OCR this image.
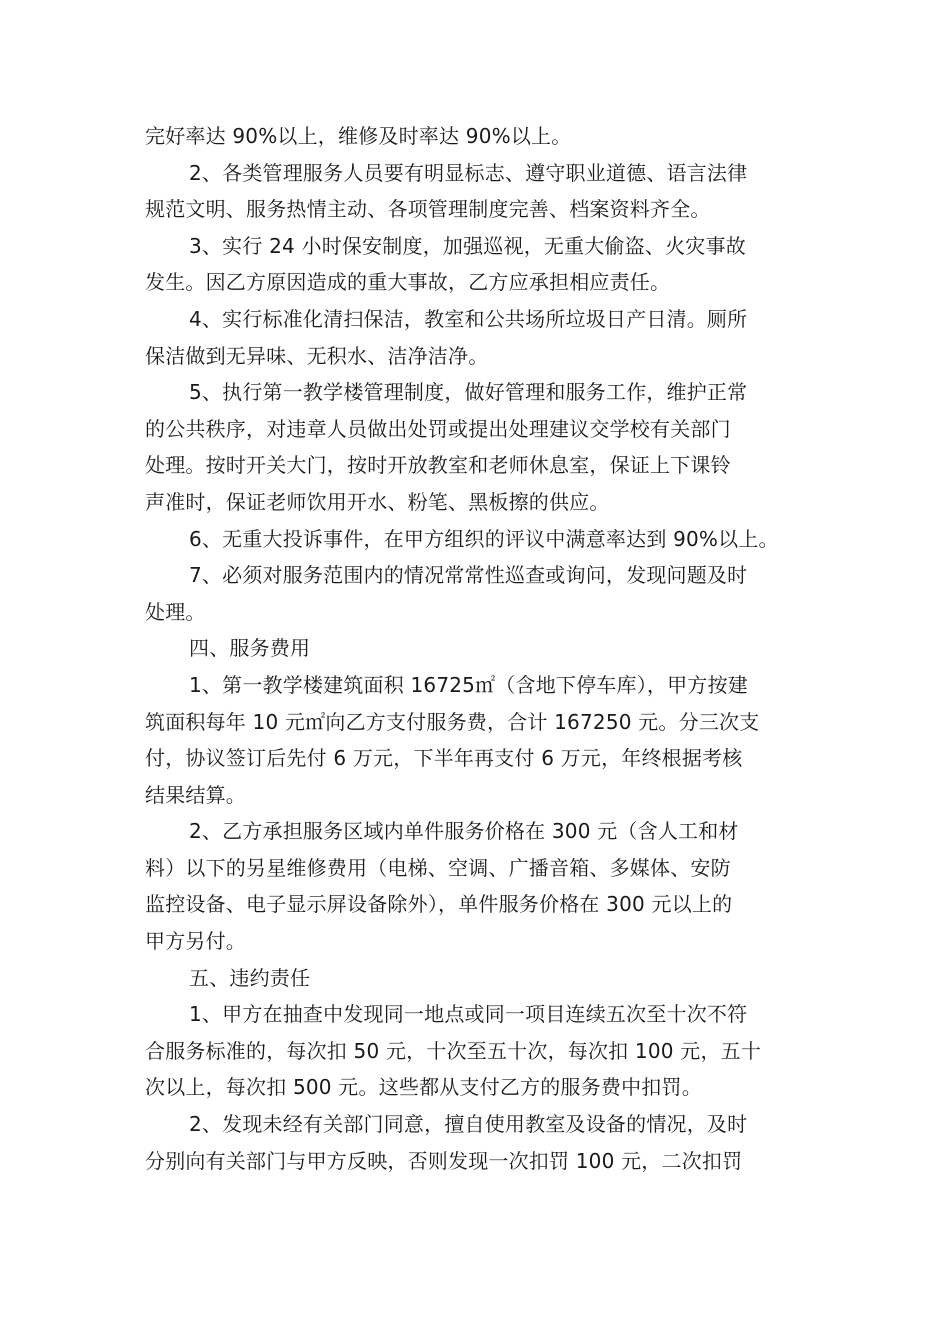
完好率达 90%以上，维修及时率达 90%以上。
2、各类管理服务人员要有明显标志、遵守职业道德、语言法律
规范文明、服务热情主动、各项管理制度完善、档案资料齐全。
3、实行 24 小时保安制度，加强巡视，无重大偷盗、火灾事故
发生。因乙方原因造成的重大事故，乙方应承担相应责任。
4、实行标准化清扫保洁，教室和公共场所垃圾日产日清。厕所
保洁做到无异味、无积水、洁净洁净。
5、执行第一教学楼管理制度，做好管理和服务工作，维护正常
的公共秩序，对违章人员做出处罚或提出处理建议交学校有关部门
处理。按时开关大门，按时开放教室和老师休息室，保证上下课铃
声准时，保证老师饮用开水、粉笔、黑板擦的供应。
6、无重大投诉事件，在甲方组织的评议中满意率达到 90%以上。
7、必须对服务范围内的情况常常性巡查或询问，发现问题及时
处理。
四、服务费用
1、第一教学楼建筑面积 16725㎡（含地下停车库），甲方按建
筑面积每年 10 元㎡向乙方支付服务费，合计 167250 元。分三次支
付，协议签订后先付 6 万元，下半年再支付 6 万元，年终根据考核
结果结算。
2、乙方承担服务区域内单件服务价格在 300 元（含人工和材
料）以下的另星维修费用（电梯、空调、广播音箱、多媒体、安防
监控设备、电子显示屏设备除外），单件服务价格在 300 元以上的
甲方另付。
五、违约责任
1、甲方在抽查中发现同一地点或同一项目连续五次至十次不符
合服务标准的，每次扣 50 元，十次至五十次，每次扣 100 元，五十
次以上，每次扣 500 元。这些都从支付乙方的服务费中扣罚。
2、发现未经有关部门同意，擅自使用教室及设备的情况，及时
分别向有关部门与甲方反映，否则发现一次扣罚 100 元，二次扣罚
